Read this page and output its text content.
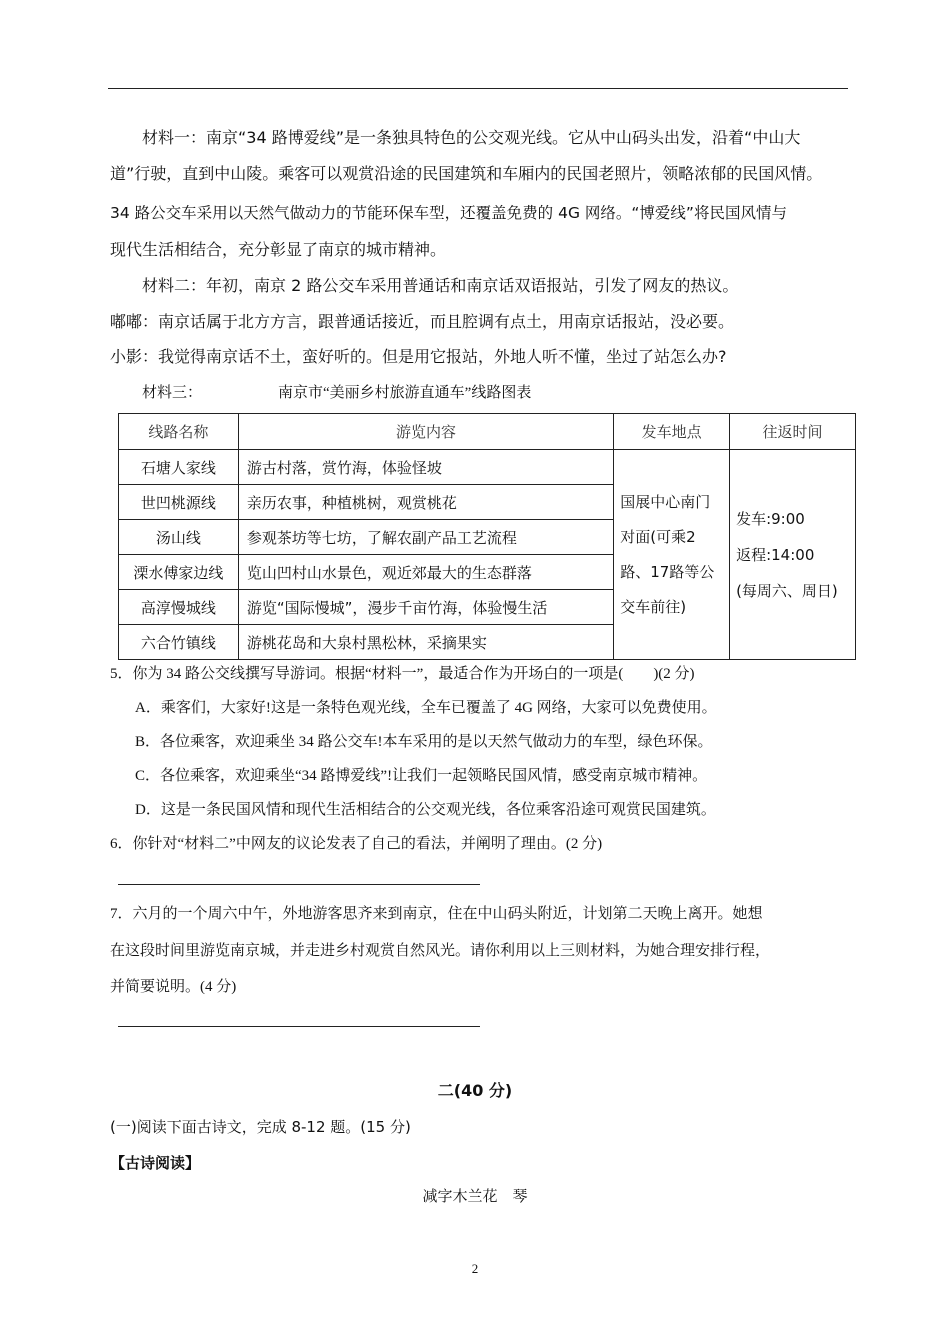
材料一：南京“34 路博爱线”是一条独具特色的公交观光线。它从中山码头出发，沿着“中山大
道”行驶，直到中山陵。乘客可以观赏沿途的民国建筑和车厢内的民国老照片，领略浓郁的民国风情。
34 路公交车采用以天然气做动力的节能环保车型，还覆盖免费的 4G 网络。“博爱线”将民国风情与
现代生活相结合，充分彰显了南京的城市精神。
材料二：年初，南京 2 路公交车采用普通话和南京话双语报站，引发了网友的热议。
嘟嘟：南京话属于北方方言，跟普通话接近，而且腔调有点土，用南京话报站，没必要。
小影：我觉得南京话不土，蛮好听的。但是用它报站，外地人听不懂，坐过了站怎么办?
材料三：	南京市“美丽乡村旅游直通车”线路图表
线路名称	游览内容	发车地点	往返时间
石塘人家线	游古村落，赏竹海，体验怪坡	国展中心南门对面(可乘2路、17路等公交车前往)	发车:9:00
返程:14:00
(每周六、周日)

世凹桃源线	亲历农事，种植桃树，观赏桃花		
汤山线	参观茶坊等七坊，了解农副产品工艺流程		
溧水傅家边线	览山凹村山水景色，观近郊最大的生态群落		
高淳慢城线	游览“国际慢城”，漫步千亩竹海，体验慢生活		
六合竹镇线	游桃花岛和大泉村黑松林，采摘果实		
5．你为 34 路公交线撰写导游词。根据“材料一”，最适合作为开场白的一项是(　　)(2 分)
A．乘客们，大家好!这是一条特色观光线，全车已覆盖了 4G 网络，大家可以免费使用。
B．各位乘客，欢迎乘坐 34 路公交车!本车采用的是以天然气做动力的车型，绿色环保。
C．各位乘客，欢迎乘坐“34 路博爱线”!让我们一起领略民国风情，感受南京城市精神。
D．这是一条民国风情和现代生活相结合的公交观光线，各位乘客沿途可观赏民国建筑。
6．你针对“材料二”中网友的议论发表了自己的看法，并阐明了理由。(2 分)
7．六月的一个周六中午，外地游客思齐来到南京，住在中山码头附近，计划第二天晚上离开。她想
在这段时间里游览南京城，并走进乡村观赏自然风光。请你利用以上三则材料，为她合理安排行程，
并简要说明。(4 分)
二(40 分)
(一)阅读下面古诗文，完成 8-12 题。(15 分)
【古诗阅读】
减字木兰花　琴
2
